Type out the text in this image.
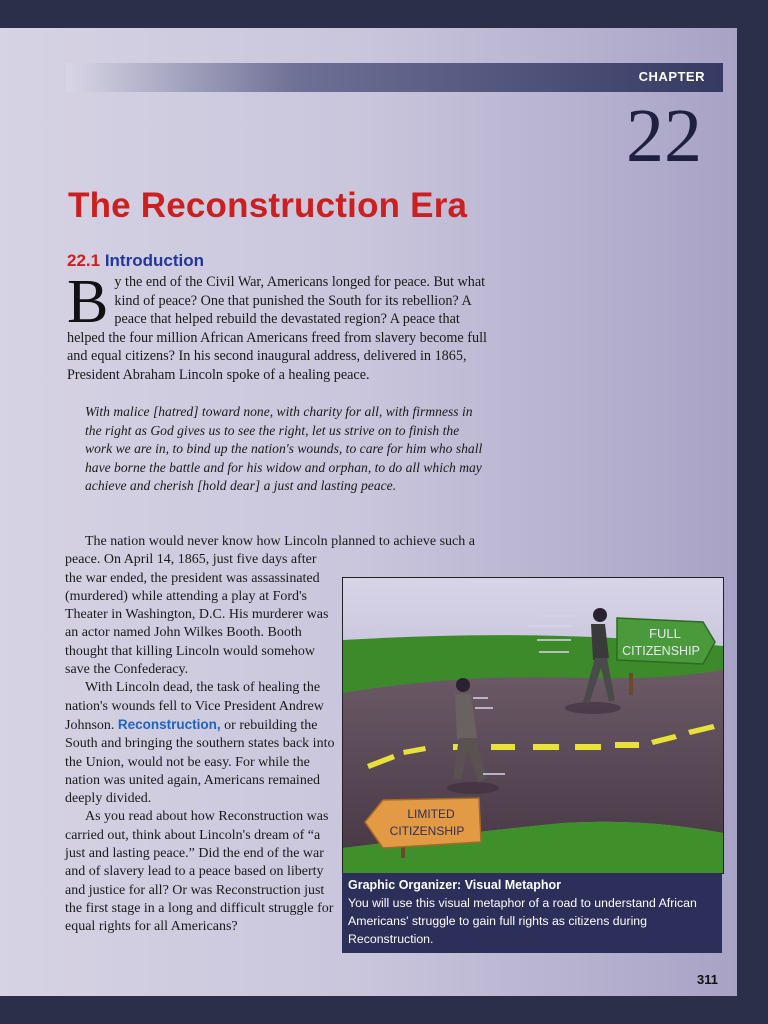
CHAPTER
22
The Reconstruction Era
22.1 Introduction
By the end of the Civil War, Americans longed for peace. But what kind of peace? One that punished the South for its rebellion? A peace that helped rebuild the devastated region? A peace that helped the four million African Americans freed from slavery become full and equal citizens? In his second inaugural address, delivered in 1865, President Abraham Lincoln spoke of a healing peace.
With malice [hatred] toward none, with charity for all, with firmness in the right as God gives us to see the right, let us strive on to finish the work we are in, to bind up the nation's wounds, to care for him who shall have borne the battle and for his widow and orphan, to do all which may achieve and cherish [hold dear] a just and lasting peace.

The nation would never know how Lincoln planned to achieve such a

peace. On April 14, 1865, just five days after the war ended, the president was assassinated (murdered) while attending a play at Ford's Theater in Washington, D.C. His murderer was an actor named John Wilkes Booth. Booth thought that killing Lincoln would somehow save the Confederacy.

With Lincoln dead, the task of healing the nation's wounds fell to Vice President Andrew Johnson. Reconstruction, or rebuilding the South and bringing the southern states back into the Union, would not be easy. For while the nation was united again, Americans remained deeply divided.

As you read about how Reconstruction was carried out, think about Lincoln's dream of “a just and lasting peace.” Did the end of the war and of slavery lead to a peace based on liberty and justice for all? Or was Reconstruction just the first stage in a long and difficult struggle for equal rights for all Americans?

FULL
CITIZENSHIP
LIMITED
CITIZENSHIP

Graphic Organizer: Visual Metaphor

You will use this visual metaphor of a road to understand African Americans' struggle to gain full rights as citizens during Reconstruction.

311
